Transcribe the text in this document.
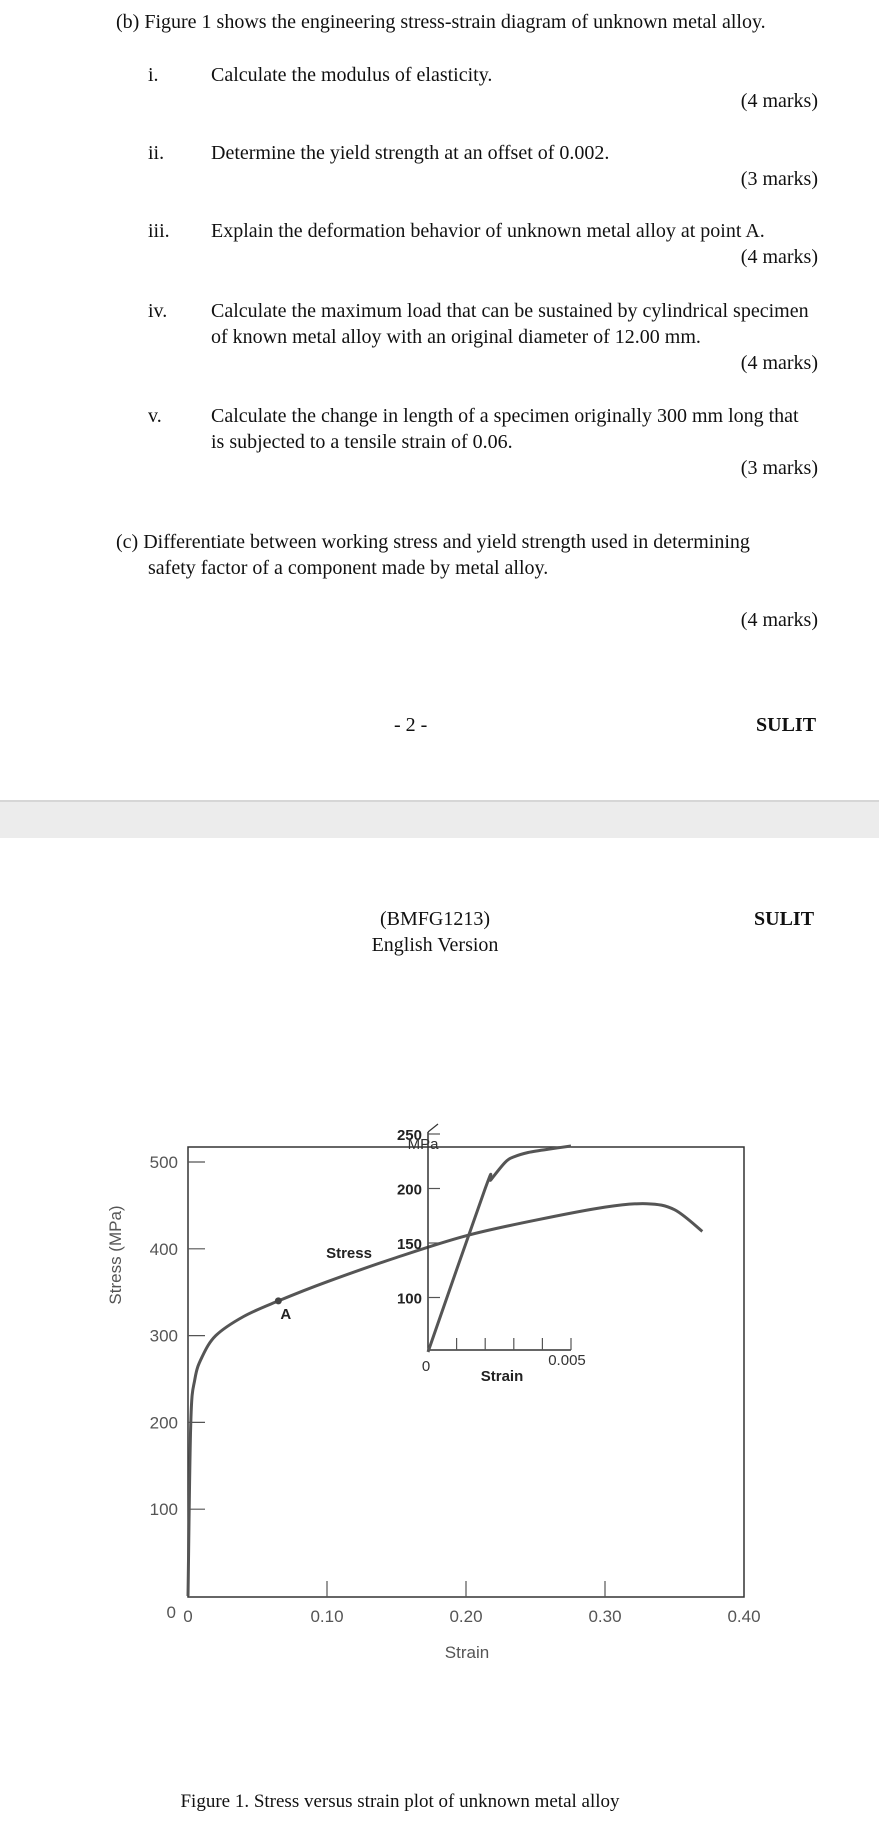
(b) Figure 1 shows the engineering stress-strain diagram of unknown metal alloy.
i.	Calculate the modulus of elasticity.
(4 marks)
ii. Determine the yield strength at an offset of 0.002.
(3 marks)
iii. Explain the deformation behavior of unknown metal alloy at point A.
(4 marks)
iv. Calculate the maximum load that can be sustained by cylindrical specimen of known metal alloy with an original diameter of 12.00 mm.
(4 marks)
v. Calculate the change in length of a specimen originally 300 mm long that is subjected to a tensile strain of 0.06.
(3 marks)
(c) Differentiate between working stress and yield strength used in determining
safety factor of a component made by metal alloy.
(4 marks)
- 2 -	SULIT
(BMFG1213)
English Version
SULIT
0
100
200
300
400
500
0	0.10	0.20	0.30	0.40
Strain
Stress (MPa)
A
100
150
200
250
0	0.005
MPa
Stress
Strain
Figure 1. Stress versus strain plot of unknown metal alloy
